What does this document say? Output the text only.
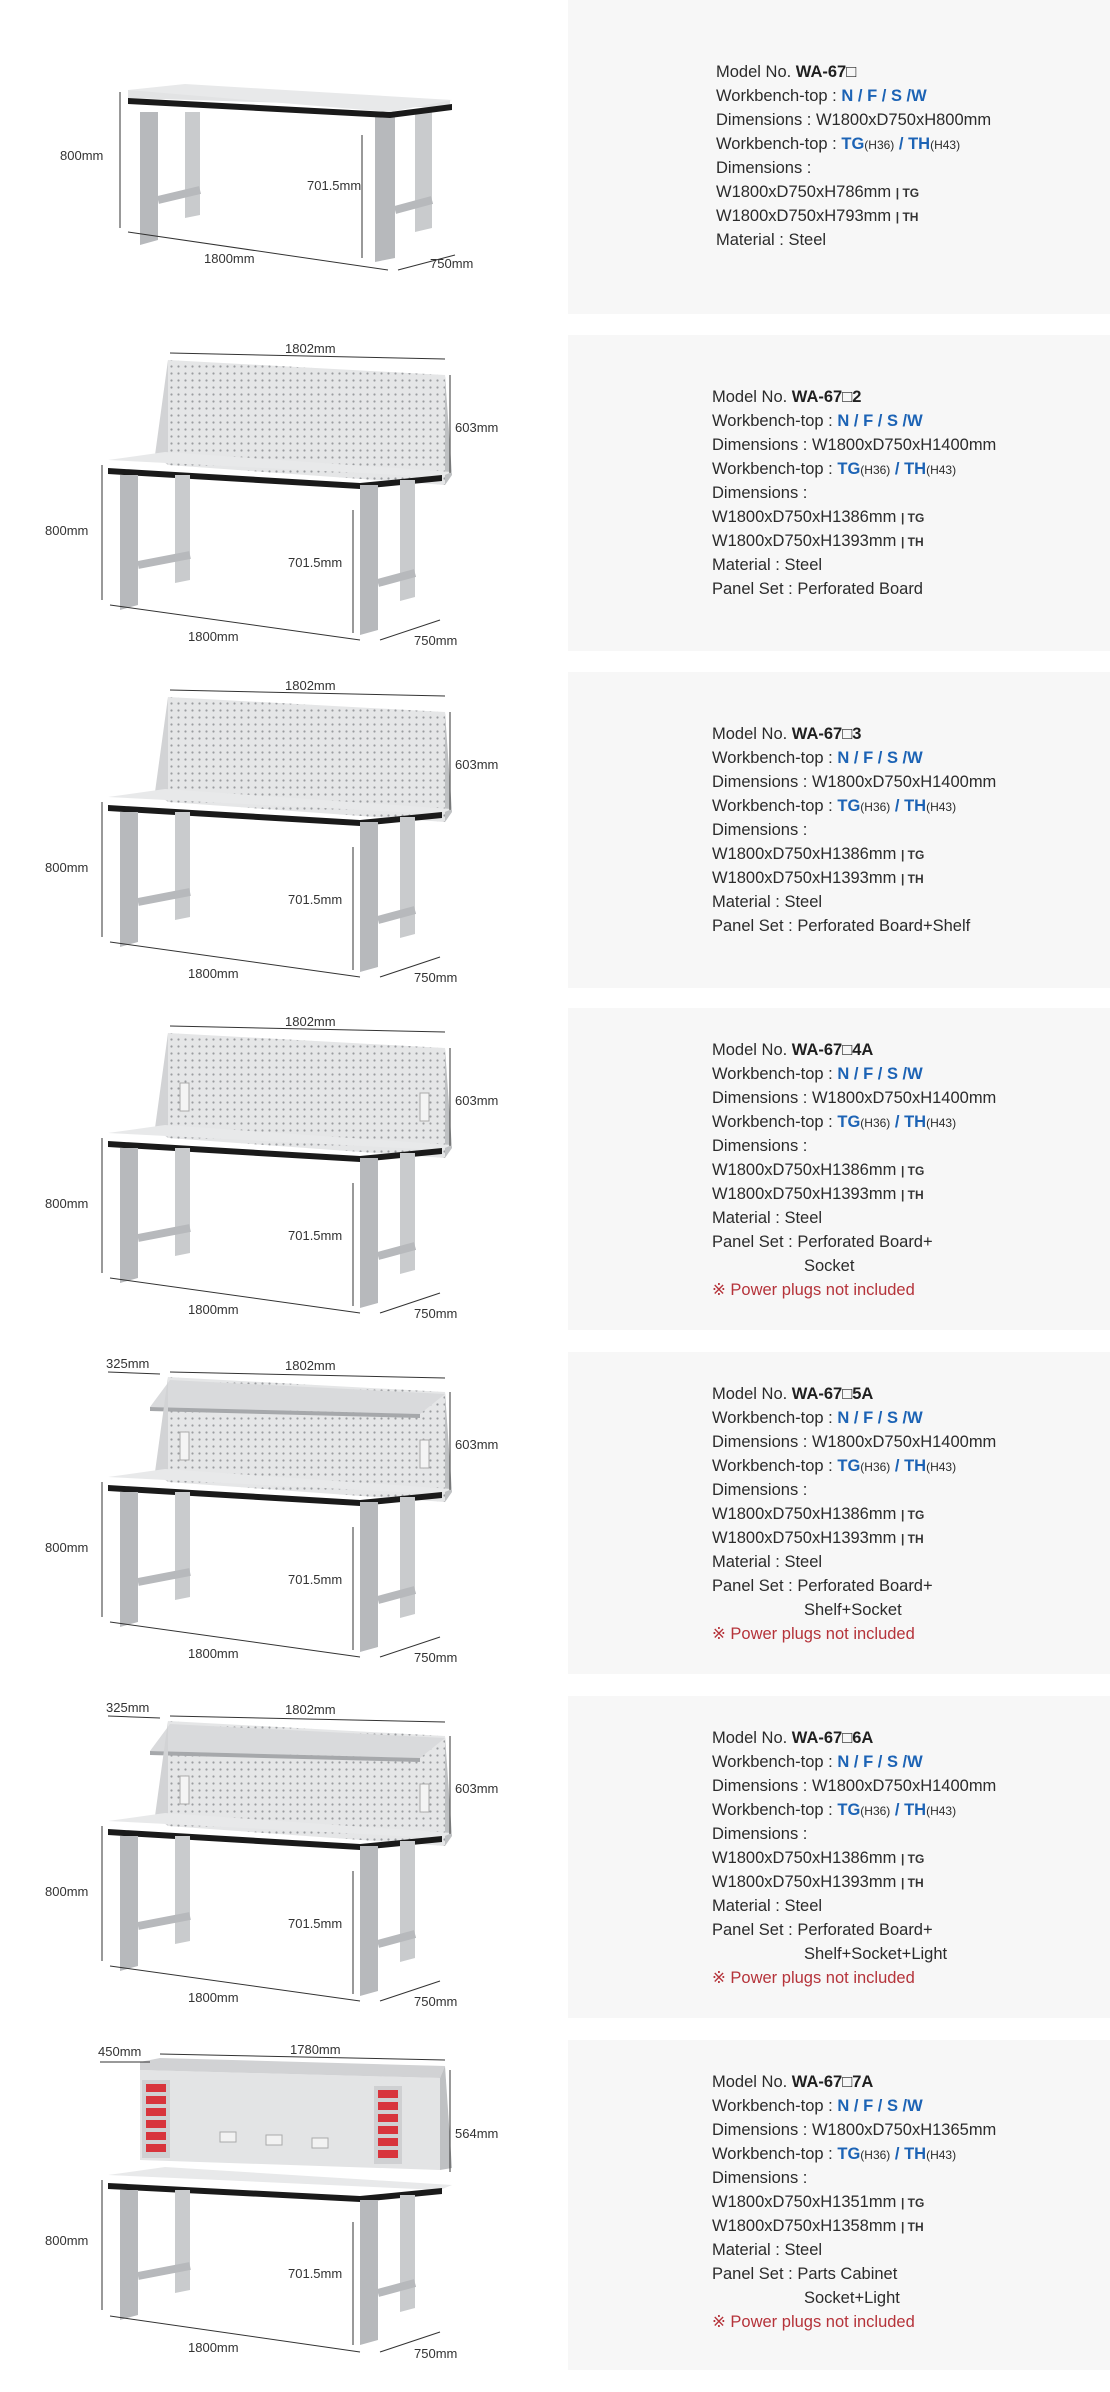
800mm
701.5mm
1800mm	750mm
Model No. WA-67□
Workbench-top : N / F / S /W
Dimensions : W1800xD750xH800mm
Workbench-top : TG(H36) / TH(H43)
Dimensions :
W1800xD750xH786mm | TG
W1800xD750xH793mm | TH
Material : Steel
1802mm
603mm
800mm
701.5mm
1800mm	750mm
Model No. WA-67□2
Workbench-top : N / F / S /W
Dimensions : W1800xD750xH1400mm
Workbench-top : TG(H36) / TH(H43)
Dimensions :
W1800xD750xH1386mm | TG
W1800xD750xH1393mm | TH
Material : Steel
Panel Set : Perforated Board
1802mm
603mm
800mm
701.5mm
1800mm	750mm
Model No. WA-67□3
Workbench-top : N / F / S /W
Dimensions : W1800xD750xH1400mm
Workbench-top : TG(H36) / TH(H43)
Dimensions :
W1800xD750xH1386mm | TG
W1800xD750xH1393mm | TH
Material : Steel
Panel Set : Perforated Board+Shelf
1802mm
603mm
800mm
701.5mm
1800mm	750mm
Model No. WA-67□4A
Workbench-top : N / F / S /W
Dimensions : W1800xD750xH1400mm
Workbench-top : TG(H36) / TH(H43)
Dimensions :
W1800xD750xH1386mm | TG
W1800xD750xH1393mm | TH
Material : Steel
Panel Set : Perforated Board+
Socket
※ Power plugs not included
325mm	1802mm
603mm
800mm
701.5mm
1800mm	750mm
Model No. WA-67□5A
Workbench-top : N / F / S /W
Dimensions : W1800xD750xH1400mm
Workbench-top : TG(H36) / TH(H43)
Dimensions :
W1800xD750xH1386mm | TG
W1800xD750xH1393mm | TH
Material : Steel
Panel Set : Perforated Board+
Shelf+Socket
※ Power plugs not included
325mm	1802mm
603mm
800mm
701.5mm
1800mm	750mm
Model No. WA-67□6A
Workbench-top : N / F / S /W
Dimensions : W1800xD750xH1400mm
Workbench-top : TG(H36) / TH(H43)
Dimensions :
W1800xD750xH1386mm | TG
W1800xD750xH1393mm | TH
Material : Steel
Panel Set : Perforated Board+
Shelf+Socket+Light
※ Power plugs not included
450mm	1780mm
564mm
800mm
701.5mm
1800mm	750mm
Model No. WA-67□7A
Workbench-top : N / F / S /W
Dimensions : W1800xD750xH1365mm
Workbench-top : TG(H36) / TH(H43)
Dimensions :
W1800xD750xH1351mm | TG
W1800xD750xH1358mm | TH
Material : Steel
Panel Set : Parts Cabinet
Socket+Light
※ Power plugs not included
